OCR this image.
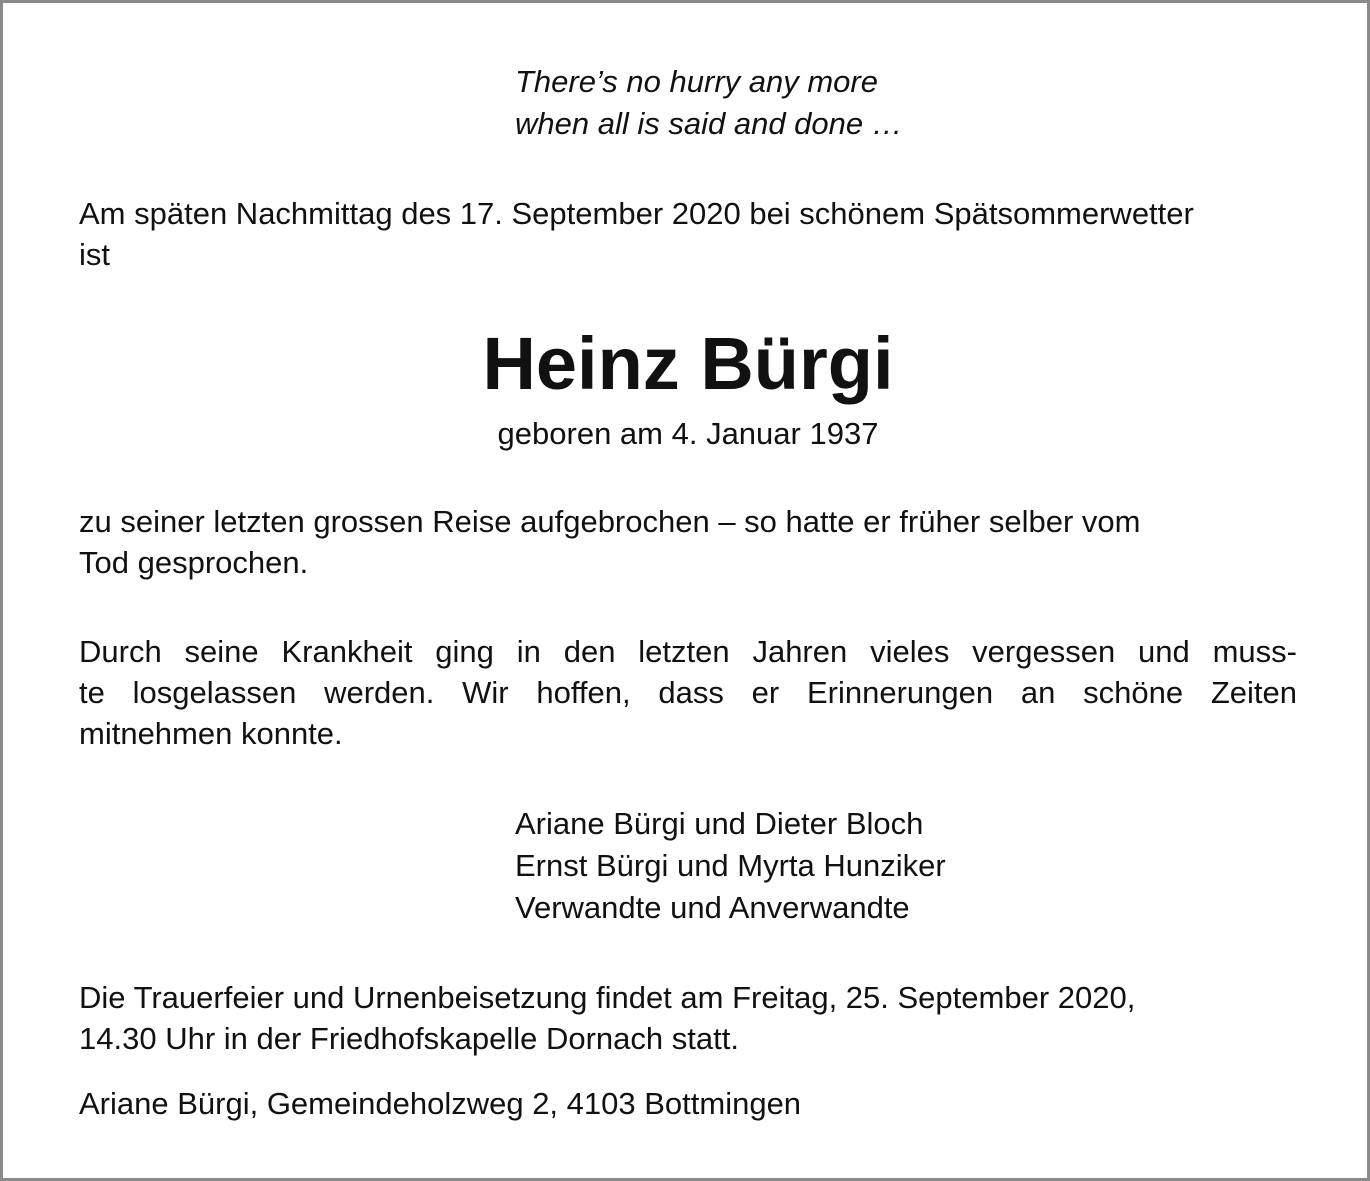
There’s no hurry any more
when all is said and done …
Am späten Nachmittag des 17. September 2020 bei schönem Spätsommerwetter
ist
Heinz Bürgi
geboren am 4. Januar 1937
zu seiner letzten grossen Reise aufgebrochen – so hatte er früher selber vom
Tod gesprochen.
Durch seine Krankheit ging in den letzten Jahren vieles vergessen und muss-
te losgelassen werden. Wir hoffen, dass er Erinnerungen an schöne Zeiten
mitnehmen konnte.
Ariane Bürgi und Dieter Bloch
Ernst Bürgi und Myrta Hunziker
Verwandte und Anverwandte
Die Trauerfeier und Urnenbeisetzung findet am Freitag, 25. September 2020,
14.30 Uhr in der Friedhofskapelle Dornach statt.
Ariane Bürgi, Gemeindeholzweg 2, 4103 Bottmingen
